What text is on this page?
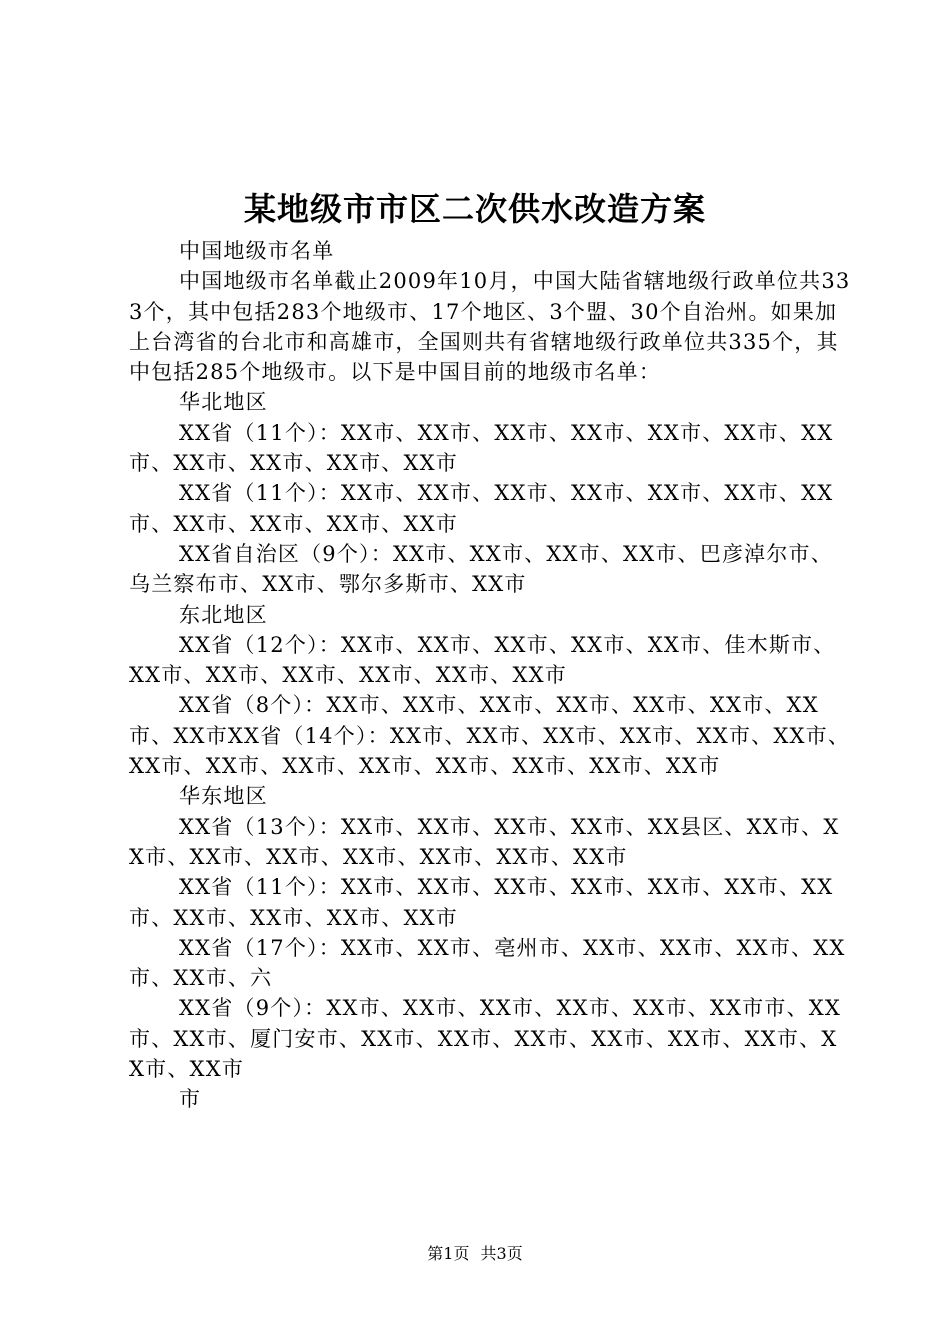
某地级市市区二次供水改造方案

中国地级市名单

中国地级市名单截止2009年10月，中国大陆省辖地级行政单位共333个，其中包括283个地级市、17个地区、3个盟、30个自治州。如果加上台湾省的台北市和高雄市，全国则共有省辖地级行政单位共335个，其中包括285个地级市。以下是中国目前的地级市名单：

华北地区

XX省（11个）：XX市、XX市、XX市、XX市、XX市、XX市、XX市、XX市、XX市、XX市、XX市

XX省（11个）：XX市、XX市、XX市、XX市、XX市、XX市、XX市、XX市、XX市、XX市、XX市

XX省自治区（9个）：XX市、XX市、XX市、XX市、巴彦淖尔市、乌兰察布市、XX市、鄂尔多斯市、XX市

东北地区

XX省（12个）：XX市、XX市、XX市、XX市、XX市、佳木斯市、XX市、XX市、XX市、XX市、XX市、XX市

XX省（8个）：XX市、XX市、XX市、XX市、XX市、XX市、XX市、XX市XX省（14个）：XX市、XX市、XX市、XX市、XX市、XX市、XX市、XX市、XX市、XX市、XX市、XX市、XX市、XX市

华东地区

XX省（13个）：XX市、XX市、XX市、XX市、XX县区、XX市、XX市、XX市、XX市、XX市、XX市、XX市、XX市

XX省（11个）：XX市、XX市、XX市、XX市、XX市、XX市、XX市、XX市、XX市、XX市、XX市

XX省（17个）：XX市、XX市、亳州市、XX市、XX市、XX市、XX市、XX市、六

XX省（9个）：XX市、XX市、XX市、XX市、XX市、XX市市、XX市、XX市、厦门安市、XX市、XX市、XX市、XX市、XX市、XX市、XX市、XX市

市

第1页 共3页
